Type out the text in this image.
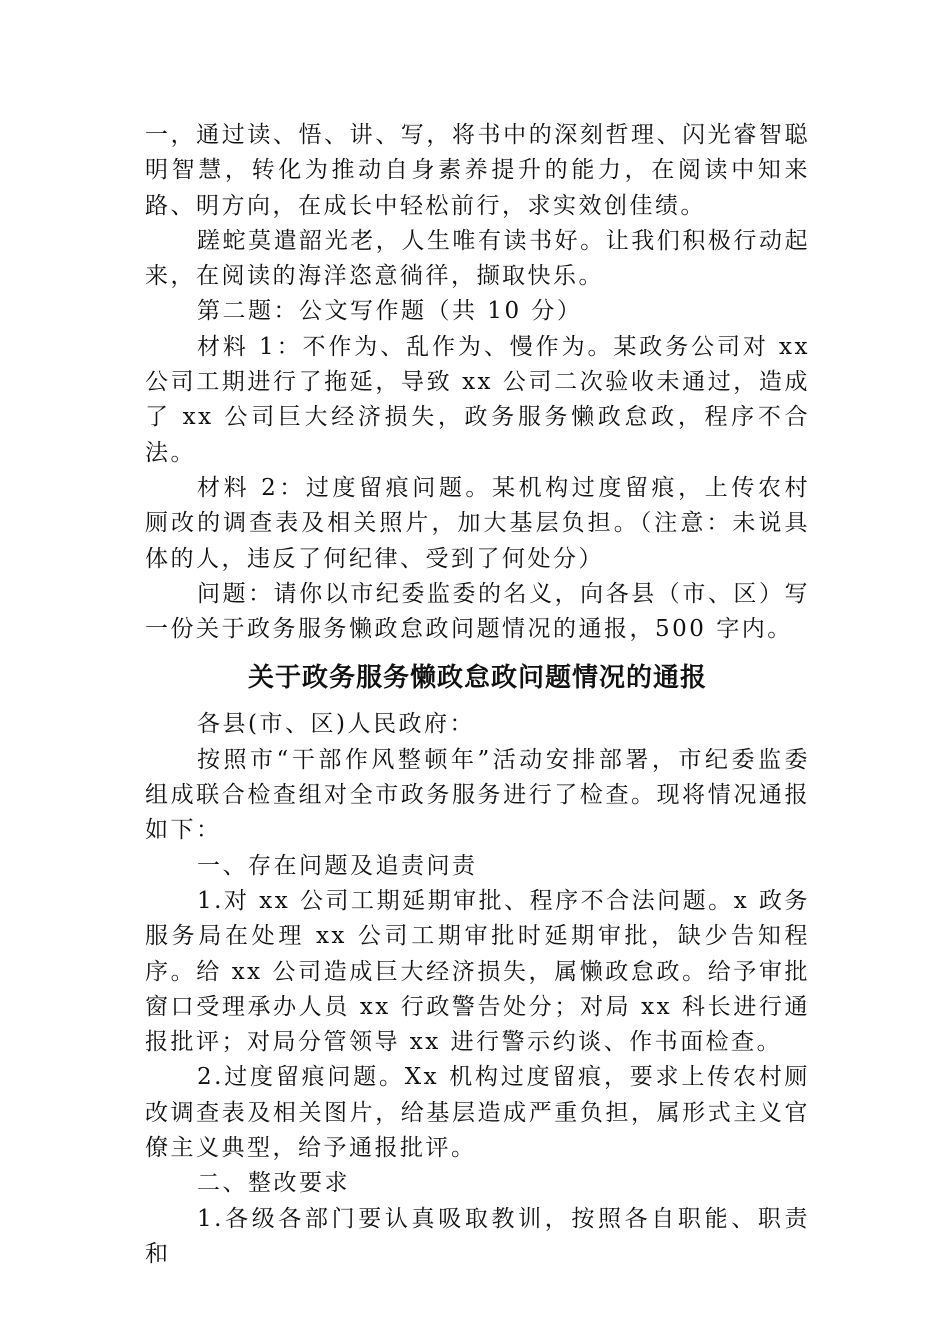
一，通过读、悟、讲、写，将书中的深刻哲理、闪光睿智聪明智慧，转化为推动自身素养提升的能力，在阅读中知来路、明方向，在成长中轻松前行，求实效创佳绩。

蹉蛇莫遣韶光老，人生唯有读书好。让我们积极行动起来，在阅读的海洋恣意徜徉，撷取快乐。

第二题：公文写作题（共 10 分）

材料 1：不作为、乱作为、慢作为。某政务公司对 xx 公司工期进行了拖延，导致 xx 公司二次验收未通过，造成了 xx 公司巨大经济损失，政务服务懒政怠政，程序不合法。

材料 2：过度留痕问题。某机构过度留痕，上传农村厕改的调查表及相关照片，加大基层负担。（注意：未说具体的人，违反了何纪律、受到了何处分）

问题：请你以市纪委监委的名义，向各县（市、区）写一份关于政务服务懒政怠政问题情况的通报，500 字内。

关于政务服务懒政怠政问题情况的通报

各县(市、区)人民政府：

按照市“干部作风整顿年”活动安排部署，市纪委监委组成联合检查组对全市政务服务进行了检查。现将情况通报如下：

一、存在问题及追责问责

1.对 xx 公司工期延期审批、程序不合法问题。x 政务服务局在处理 xx 公司工期审批时延期审批，缺少告知程序。给 xx 公司造成巨大经济损失，属懒政怠政。给予审批窗口受理承办人员 xx 行政警告处分；对局 xx 科长进行通报批评；对局分管领导 xx 进行警示约谈、作书面检查。

2.过度留痕问题。Xx 机构过度留痕，要求上传农村厕改调查表及相关图片，给基层造成严重负担，属形式主义官僚主义典型，给予通报批评。

二、整改要求

1.各级各部门要认真吸取教训，按照各自职能、职责和
